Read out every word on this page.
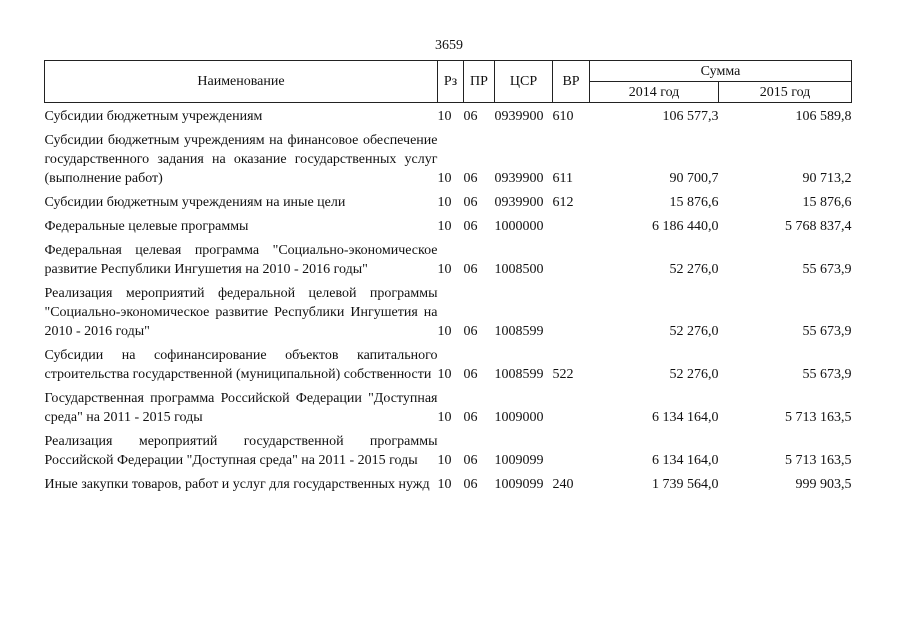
3659
Наименование	Рз	ПР	ЦСР	ВР	Сумма	
					2014 год	2015 год
Субсидии бюджетным учреждениям	10	06	0939900	610	106 577,3	106 589,8
Субсидии бюджетным учреждениям на финансовое обеспечение государственного задания на оказание государственных услуг (выполнение работ)	10	06	0939900	611	90 700,7	90 713,2
Субсидии бюджетным учреждениям на иные цели	10	06	0939900	612	15 876,6	15 876,6
Федеральные целевые программы	10	06	1000000		6 186 440,0	5 768 837,4
Федеральная целевая программа "Социально-экономическое развитие Республики Ингушетия на 2010 - 2016 годы"	10	06	1008500		52 276,0	55 673,9
Реализация мероприятий федеральной целевой программы "Социально-экономическое развитие Республики Ингушетия на 2010 - 2016 годы"	10	06	1008599		52 276,0	55 673,9
Субсидии на софинансирование объектов капитального строительства государственной (муниципальной) собственности	10	06	1008599	522	52 276,0	55 673,9
Государственная программа Российской Федерации "Доступная среда" на 2011 - 2015 годы	10	06	1009000		6 134 164,0	5 713 163,5
Реализация мероприятий государственной программы Российской Федерации "Доступная среда" на 2011 - 2015 годы	10	06	1009099		6 134 164,0	5 713 163,5
Иные закупки товаров, работ и услуг для государственных нужд	10	06	1009099	240	1 739 564,0	999 903,5
